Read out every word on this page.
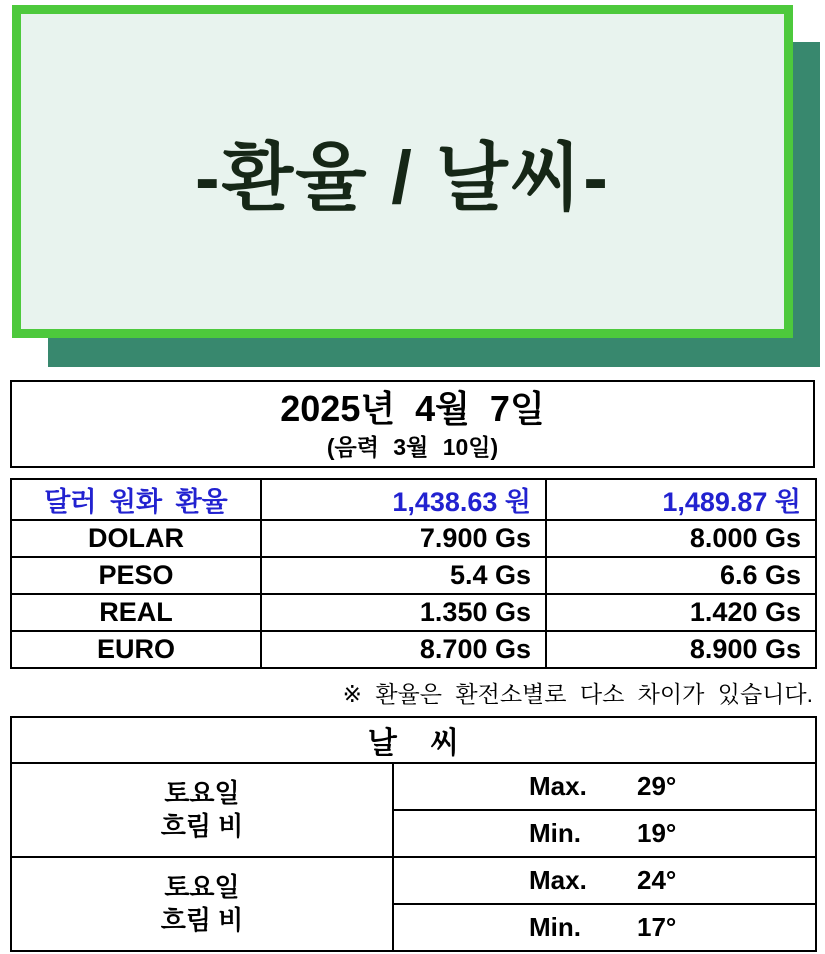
-환율 / 날씨-
2025년 4월 7일
(음력 3월 10일)
달러 원화 환율	1,438.63 원	1,489.87 원
DOLAR	7.900 Gs	8.000 Gs
PESO	5.4 Gs	6.6 Gs
REAL	1.350 Gs	1.420 Gs
EURO	8.700 Gs	8.900 Gs
※ 환율은 환전소별로 다소 차이가 있습니다.
날    씨	

토요일
흐림 비

Max.	29°

	Min. 19°

토요일
흐림 비

Max.	24°

	Min. 17°
